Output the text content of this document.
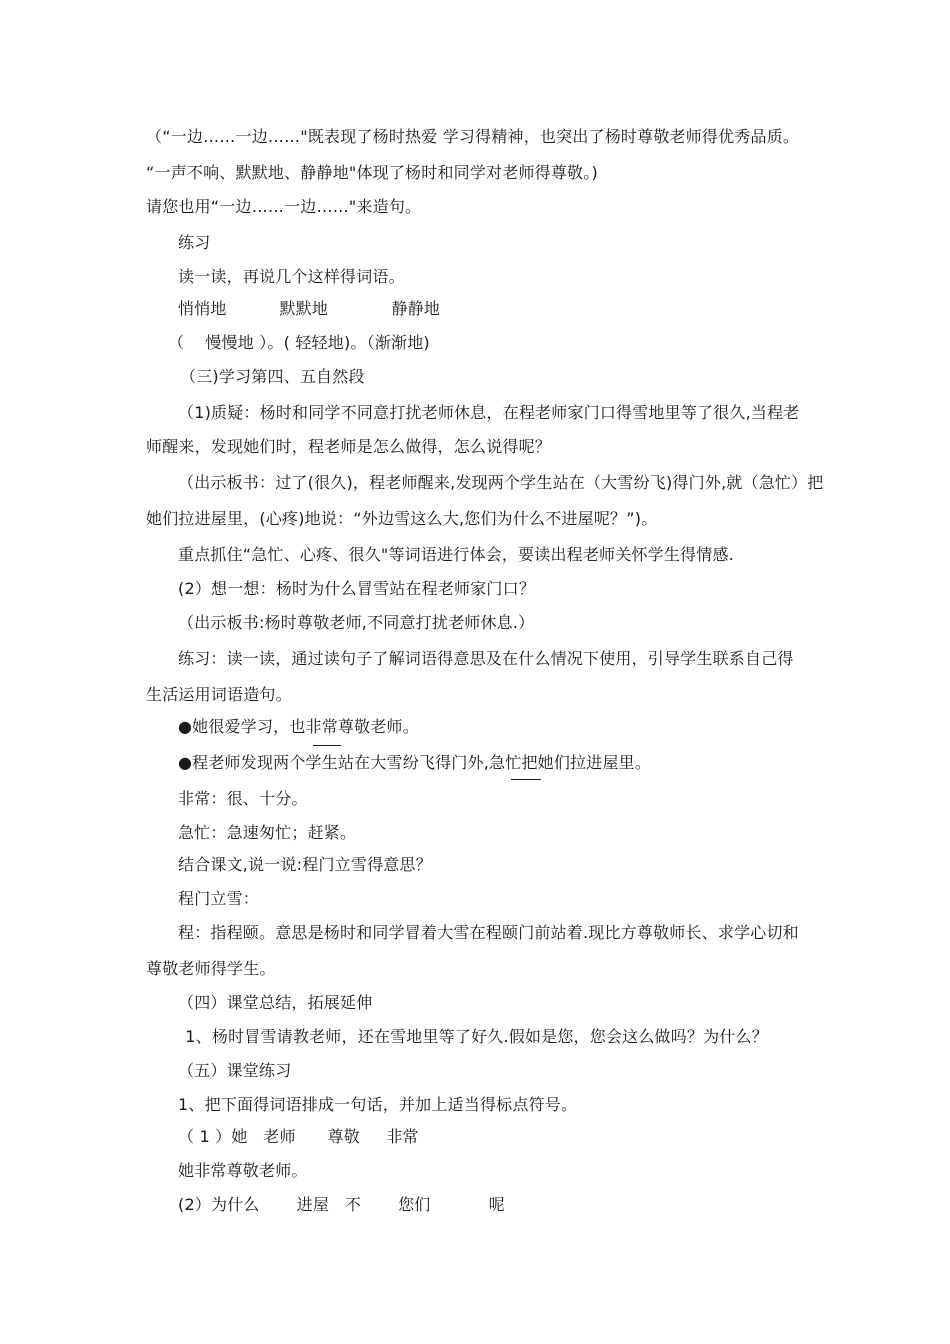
（“一边……一边……"既表现了杨时热爱 学习得精神，也突出了杨时尊敬老师得优秀品质。
“一声不响、默默地、静静地"体现了杨时和同学对老师得尊敬。)
请您也用“一边……一边……"来造句。
练习
读一读，再说几个这样得词语。
悄悄地          默默地            静静地
（    慢慢地 ）。( 轻轻地)。（渐渐地)
（三)学习第四、五自然段
（1)质疑：杨时和同学不同意打扰老师休息，在程老师家门口得雪地里等了很久,当程老
师醒来，发现她们时，程老师是怎么做得，怎么说得呢？
（出示板书：过了(很久)，程老师醒来,发现两个学生站在（大雪纷飞)得门外,就（急忙）把
她们拉进屋里，(心疼)地说：“外边雪这么大,您们为什么不进屋呢？”)。
重点抓住“急忙、心疼、很久"等词语进行体会，要读出程老师关怀学生得情感.
(2）想一想：杨时为什么冒雪站在程老师家门口？
（出示板书:杨时尊敬老师,不同意打扰老师休息.）
练习：读一读，通过读句子了解词语得意思及在什么情况下使用，引导学生联系自己得
生活运用词语造句。
●她很爱学习，也非常尊敬老师。
●程老师发现两个学生站在大雪纷飞得门外,急忙把她们拉进屋里。
非常：很、十分。
急忙：急速匆忙；赶紧。
结合课文,说一说:程门立雪得意思？
程门立雪：
程：指程颐。意思是杨时和同学冒着大雪在程颐门前站着.现比方尊敬师长、求学心切和
尊敬老师得学生。
（四）课堂总结，拓展延伸
1、杨时冒雪请教老师，还在雪地里等了好久.假如是您，您会这么做吗？为什么？
（五）课堂练习
1、把下面得词语排成一句话，并加上适当得标点符号。
（ 1 ）她   老师      尊敬     非常
她非常尊敬老师。
(2）为什么       进屋   不       您们           呢
